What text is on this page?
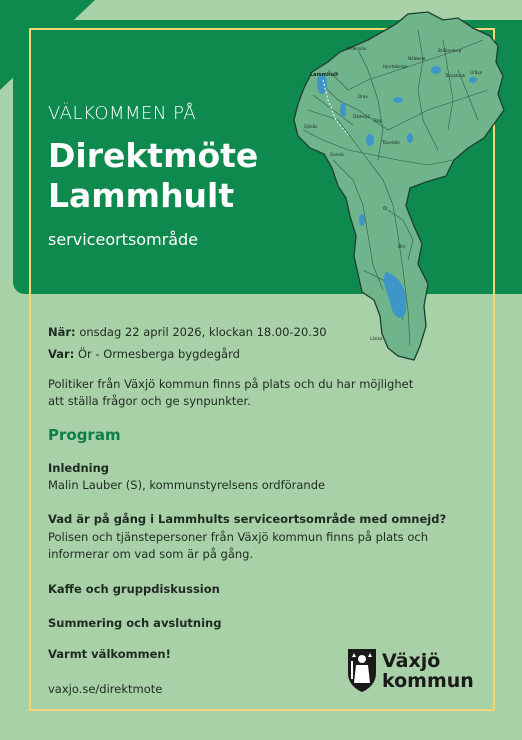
VÄLKOMMEN PÅ
Direktmöte
Lammhult
serviceortsområde
Lammhult
Vederslöv	Bräkentorp
Hjortsberga
Nöbbele
Uråsa
Torpsbruk
Drev
Dädesjö
Sjösås
Tolg
Tävelsås
Ör
Öhr
Gemla
Länka
När: onsdag 22 april 2026, klockan 18.00-20.30
Var: Ör - Ormesberga bygdegård
Politiker från Växjö kommun finns på plats och du har möjlighet
att ställa frågor och ge synpunkter.
Program
Inledning
Malin Lauber (S), kommunstyrelsens ordförande
Vad är på gång i Lammhults serviceortsområde med omnejd?
Polisen och tjänstepersoner från Växjö kommun finns på plats och
informerar om vad som är på gång.
Kaffe och gruppdiskussion
Summering och avslutning
Varmt välkommen!
vaxjo.se/direktmote
Växjö
kommun
